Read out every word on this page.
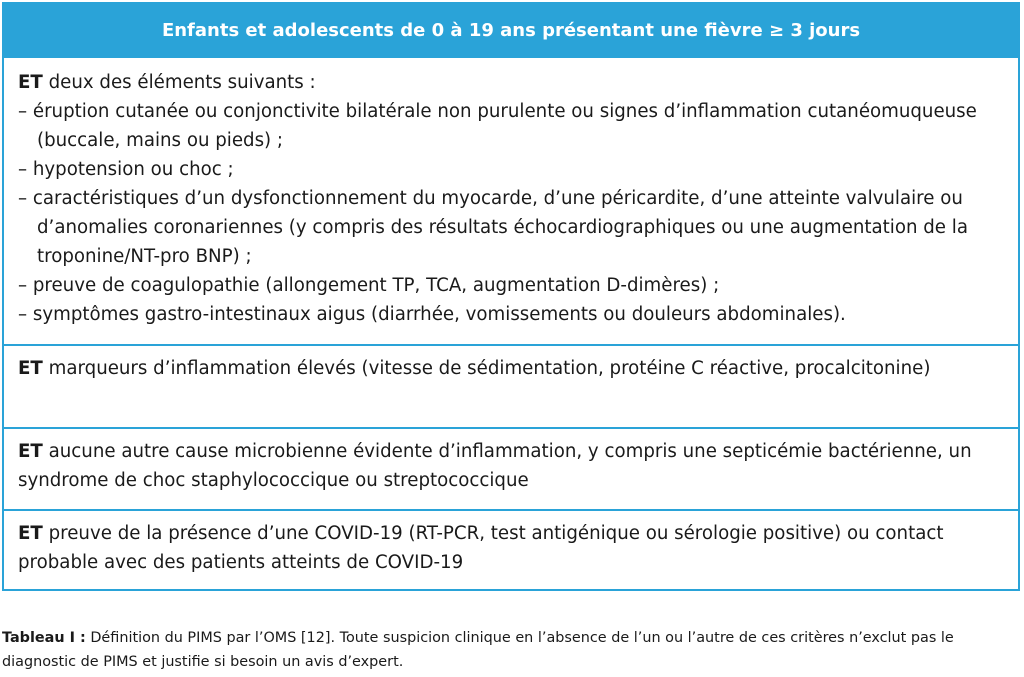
Enfants et adolescents de 0 à 19 ans présentant une fièvre ≥ 3 jours
ET deux des éléments suivants :
– éruption cutanée ou conjonctivite bilatérale non purulente ou signes d’inflammation cutanéomuqueuse (buccale, mains ou pieds) ;
– hypotension ou choc ;
– caractéristiques d’un dysfonctionnement du myocarde, d’une péricardite, d’une atteinte valvulaire ou d’anomalies coronariennes (y compris des résultats échocardiographiques ou une augmentation de la troponine/NT-pro BNP) ;
– preuve de coagulopathie (allongement TP, TCA, augmentation D-dimères) ;
– symptômes gastro-intestinaux aigus (diarrhée, vomissements ou douleurs abdominales).
ET marqueurs d’inflammation élevés (vitesse de sédimentation, protéine C réactive, procalcitonine)
ET aucune autre cause microbienne évidente d’inflammation, y compris une septicémie bactérienne, un syndrome de choc staphylococcique ou streptococcique
ET preuve de la présence d’une COVID-19 (RT-PCR, test antigénique ou sérologie positive) ou contact probable avec des patients atteints de COVID-19
Tableau I : Définition du PIMS par l’OMS [12]. Toute suspicion clinique en l’absence de l’un ou l’autre de ces critères n’exclut pas le diagnostic de PIMS et justifie si besoin un avis d’expert.
